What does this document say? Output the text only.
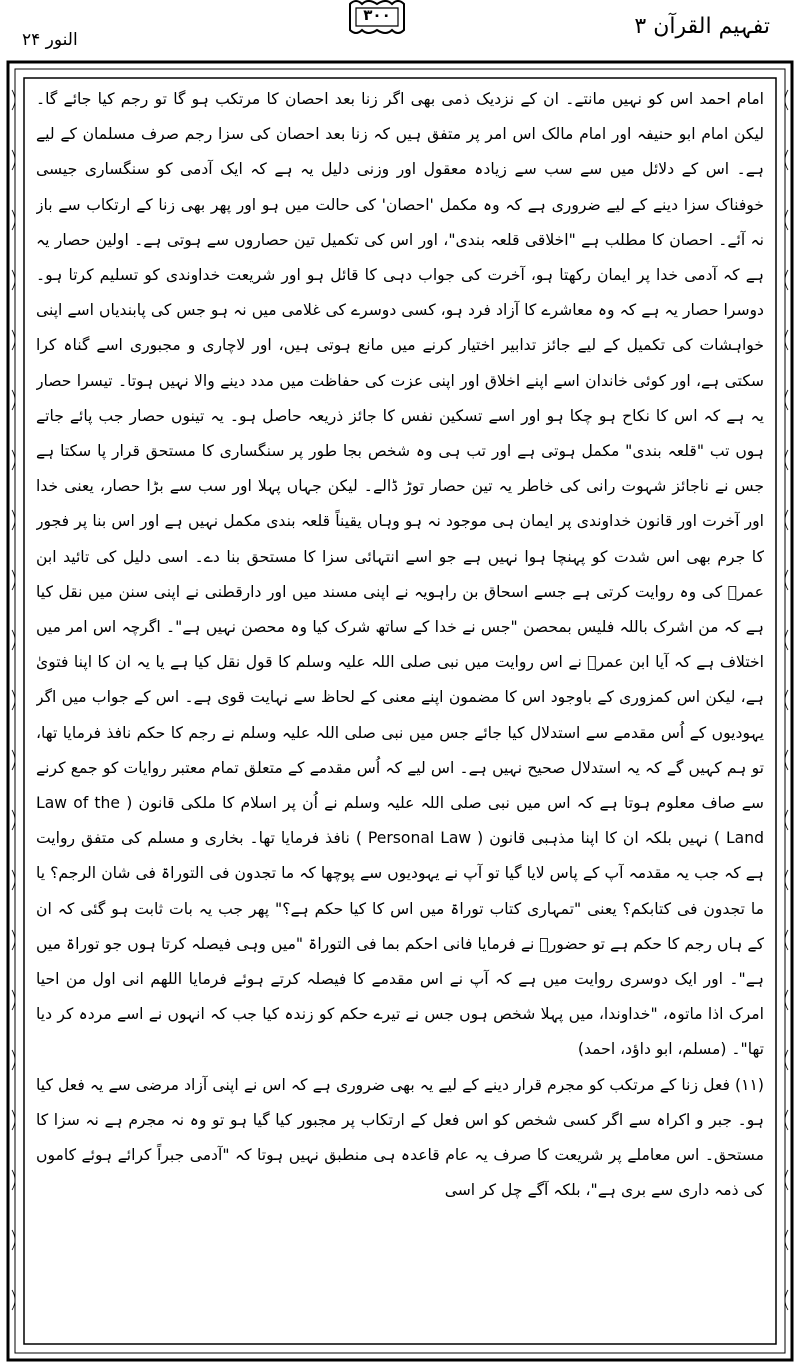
النور ۲۴
۳۰۰	تفہیم القرآن ۳

امام احمد اس کو نہیں مانتے۔ ان کے نزدیک ذمی بھی اگر زنا بعد احصان کا مرتکب ہو گا تو رجم کیا جائے گا۔ لیکن امام ابو حنیفہ اور امام مالک اس امر پر متفق ہیں کہ زنا بعد احصان کی سزا رجم صرف مسلمان کے لیے ہے۔ اس کے دلائل میں سے سب سے زیادہ معقول اور وزنی دلیل یہ ہے کہ ایک آدمی کو سنگساری جیسی خوفناک سزا دینے کے لیے ضروری ہے کہ وہ مکمل 'احصان' کی حالت میں ہو اور پھر بھی زنا کے ارتکاب سے باز نہ آئے۔ احصان کا مطلب ہے "اخلاقی قلعہ بندی"، اور اس کی تکمیل تین حصاروں سے ہوتی ہے۔ اولین حصار یہ ہے کہ آدمی خدا پر ایمان رکھتا ہو، آخرت کی جواب دہی کا قائل ہو اور شریعت خداوندی کو تسلیم کرتا ہو۔ دوسرا حصار یہ ہے کہ وہ معاشرے کا آزاد فرد ہو، کسی دوسرے کی غلامی میں نہ ہو جس کی پابندیاں اسے اپنی خواہشات کی تکمیل کے لیے جائز تدابیر اختیار کرنے میں مانع ہوتی ہیں، اور لاچاری و مجبوری اسے گناہ کرا سکتی ہے، اور کوئی خاندان اسے اپنے اخلاق اور اپنی عزت کی حفاظت میں مدد دینے والا نہیں ہوتا۔ تیسرا حصار یہ ہے کہ اس کا نکاح ہو چکا ہو اور اسے تسکین نفس کا جائز ذریعہ حاصل ہو۔ یہ تینوں حصار جب پائے جاتے ہوں تب "قلعہ بندی" مکمل ہوتی ہے اور تب ہی وہ شخص بجا طور پر سنگساری کا مستحق قرار پا سکتا ہے جس نے ناجائز شہوت رانی کی خاطر یہ تین حصار توڑ ڈالے۔ لیکن جہاں پہلا اور سب سے بڑا حصار، یعنی خدا اور آخرت اور قانون خداوندی پر ایمان ہی موجود نہ ہو وہاں یقیناً قلعہ بندی مکمل نہیں ہے اور اس بنا پر فجور کا جرم بھی اس شدت کو پہنچا ہوا نہیں ہے جو اسے انتہائی سزا کا مستحق بنا دے۔ اسی دلیل کی تائید ابن عمرؓ کی وہ روایت کرتی ہے جسے اسحاق بن راہویہ نے اپنی مسند میں اور دارقطنی نے اپنی سنن میں نقل کیا ہے کہ من اشرک باللہ فلیس بمحصن "جس نے خدا کے ساتھ شرک کیا وہ محصن نہیں ہے"۔ اگرچہ اس امر میں اختلاف ہے کہ آیا ابن عمرؓ نے اس روایت میں نبی صلی اللہ علیہ وسلم کا قول نقل کیا ہے یا یہ ان کا اپنا فتویٰ ہے، لیکن اس کمزوری کے باوجود اس کا مضمون اپنے معنی کے لحاظ سے نہایت قوی ہے۔ اس کے جواب میں اگر یہودیوں کے اُس مقدمے سے استدلال کیا جائے جس میں نبی صلی اللہ علیہ وسلم نے رجم کا حکم نافذ فرمایا تھا، تو ہم کہیں گے کہ یہ استدلال صحیح نہیں ہے۔ اس لیے کہ اُس مقدمے کے متعلق تمام معتبر روایات کو جمع کرنے سے صاف معلوم ہوتا ہے کہ اس میں نبی صلی اللہ علیہ وسلم نے اُن پر اسلام کا ملکی قانون ( Law of the Land ) نہیں بلکہ ان کا اپنا مذہبی قانون ( Personal Law ) نافذ فرمایا تھا۔ بخاری و مسلم کی متفق روایت ہے کہ جب یہ مقدمہ آپ کے پاس لایا گیا تو آپ نے یہودیوں سے پوچھا کہ ما تجدون فی التوراۃ فی شان الرجم؟ یا ما تجدون فی کتابکم؟ یعنی "تمہاری کتاب توراۃ میں اس کا کیا حکم ہے؟" پھر جب یہ بات ثابت ہو گئی کہ ان کے ہاں رجم کا حکم ہے تو حضورؐ نے فرمایا فانی احکم بما فی التوراۃ "میں وہی فیصلہ کرتا ہوں جو توراۃ میں ہے"۔ اور ایک دوسری روایت میں ہے کہ آپ نے اس مقدمے کا فیصلہ کرتے ہوئے فرمایا اللھم انی اول من احیا امرک اذا ماتوہ، "خداوندا، میں پہلا شخص ہوں جس نے تیرے حکم کو زندہ کیا جب کہ انہوں نے اسے مردہ کر دیا تھا"۔ (مسلم، ابو داؤد، احمد)

(۱۱) فعل زنا کے مرتکب کو مجرم قرار دینے کے لیے یہ بھی ضروری ہے کہ اس نے اپنی آزاد مرضی سے یہ فعل کیا ہو۔ جبر و اکراہ سے اگر کسی شخص کو اس فعل کے ارتکاب پر مجبور کیا گیا ہو تو وہ نہ مجرم ہے نہ سزا کا مستحق۔ اس معاملے پر شریعت کا صرف یہ عام قاعدہ ہی منطبق نہیں ہوتا کہ "آدمی جبراً کرائے ہوئے کاموں کی ذمہ داری سے بری ہے"، بلکہ آگے چل کر اسی
